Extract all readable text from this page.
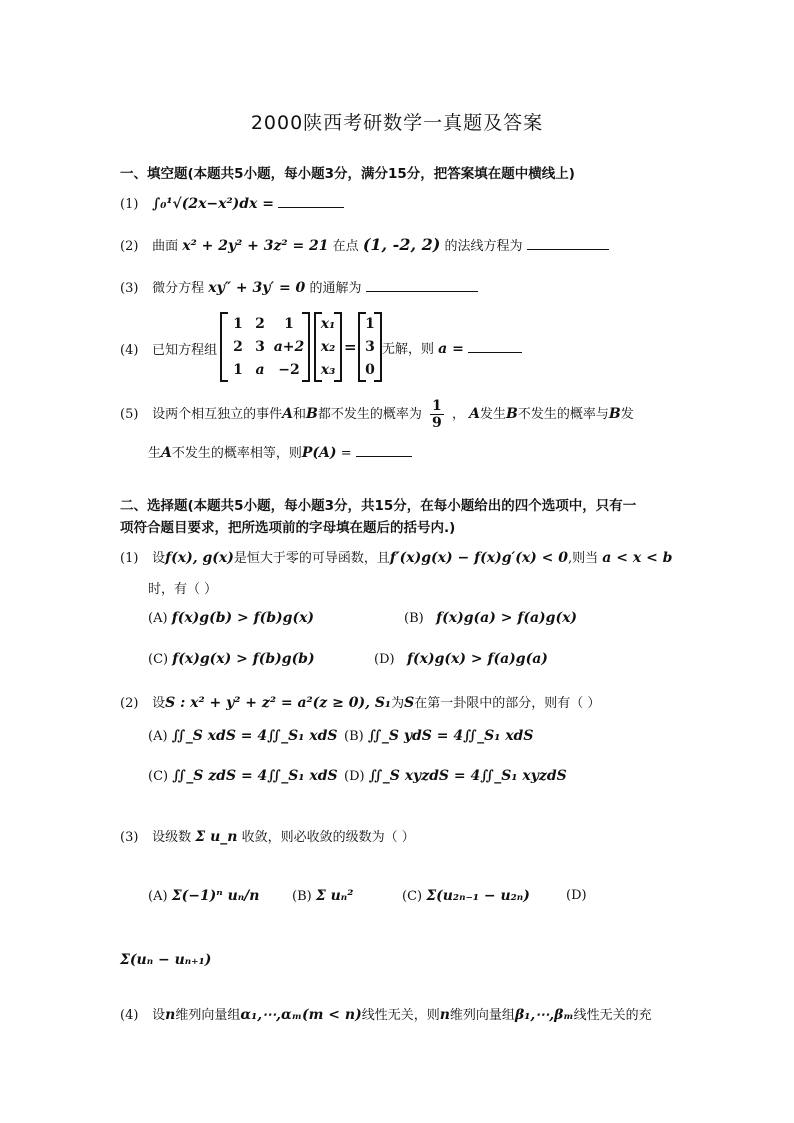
2000陕西考研数学一真题及答案
一、填空题(本题共5小题，每小题3分，满分15分，把答案填在题中横线上)
(1) ∫₀¹√(2x−x²)dx =
(2) 曲面 x² + 2y² + 3z² = 21 在点 (1, -2, 2) 的法线方程为
(3) 微分方程 xy″ + 3y′ = 0 的通解为
(4) 已知方程组
1 2	1
2 3 a+2
1 a −2
x₁
x₂
x₃
=
1
3
0
无解，则 a =
(5) 设两个相互独立的事件A和B都不发生的概率为 $\frac{1}{9}$ ， A发生B不发生的概率与B发
生A不发生的概率相等，则P(A) =
二、选择题(本题共5小题，每小题3分，共15分，在每小题给出的四个选项中，只有一
项符合题目要求，把所选项前的字母填在题后的括号内.)
(1) 设f(x), g(x)是恒大于零的可导函数，且f′(x)g(x) − f(x)g′(x) < 0,则当 a < x < b
时，有（ ）
(A) f(x)g(b) > f(b)g(x)	(B) f(x)g(a) > f(a)g(x)
(C) f(x)g(x) > f(b)g(b)	(D) f(x)g(x) > f(a)g(a)
(2) 设S : x² + y² + z² = a²(z ≥ 0), S₁为S在第一卦限中的部分，则有（ ）
(A) ∬_S xdS = 4∬_S₁ xdS (B) ∬_S ydS = 4∬_S₁ xdS
(C) ∬_S zdS = 4∬_S₁ xdS (D) ∬_S xyzdS = 4∬_S₁ xyzdS
(3) 设级数 Σ u_n 收敛，则必收敛的级数为（ ）
(A) Σ(−1)ⁿ uₙ/n	(B) Σ uₙ²	(C) Σ(u₂ₙ₋₁ − u₂ₙ)	(D)
Σ(uₙ − uₙ₊₁)
(4) 设n维列向量组α₁,⋯,αₘ(m < n)线性无关，则n维列向量组β₁,⋯,βₘ线性无关的充
